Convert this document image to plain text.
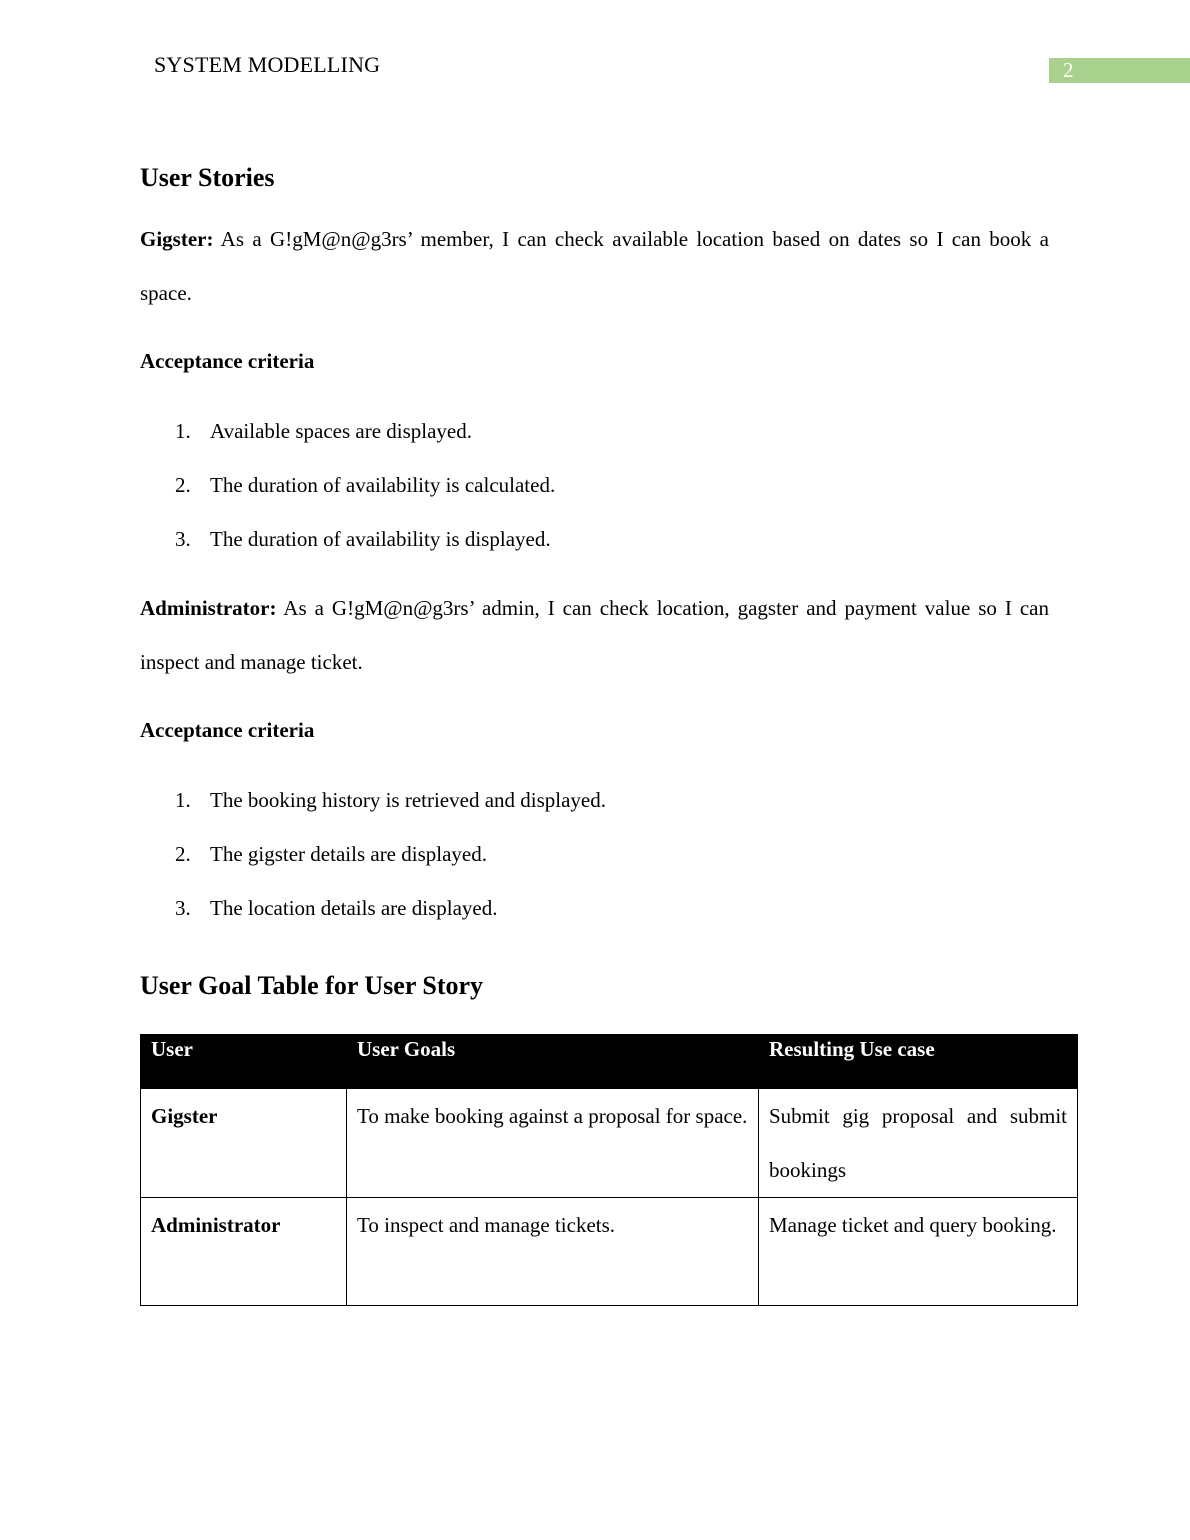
SYSTEM MODELLING	2
User Stories

Gigster: As a G!gM@n@g3rs’ member, I can check available location based on dates so I can book a space.

Acceptance criteria
1. Available spaces are displayed.
2. The duration of availability is calculated.
3. The duration of availability is displayed.

Administrator: As a G!gM@n@g3rs’ admin, I can check location, gagster and payment value so I can inspect and manage ticket.

Acceptance criteria
1. The booking history is retrieved and displayed.
2. The gigster details are displayed.
3. The location details are displayed.
User Goal Table for User Story
User	User Goals	Resulting Use case
Gigster	To make booking against a proposal for space.	Submit gig proposal and submit bookings
Administrator	To inspect and manage tickets.	Manage ticket and query booking.
